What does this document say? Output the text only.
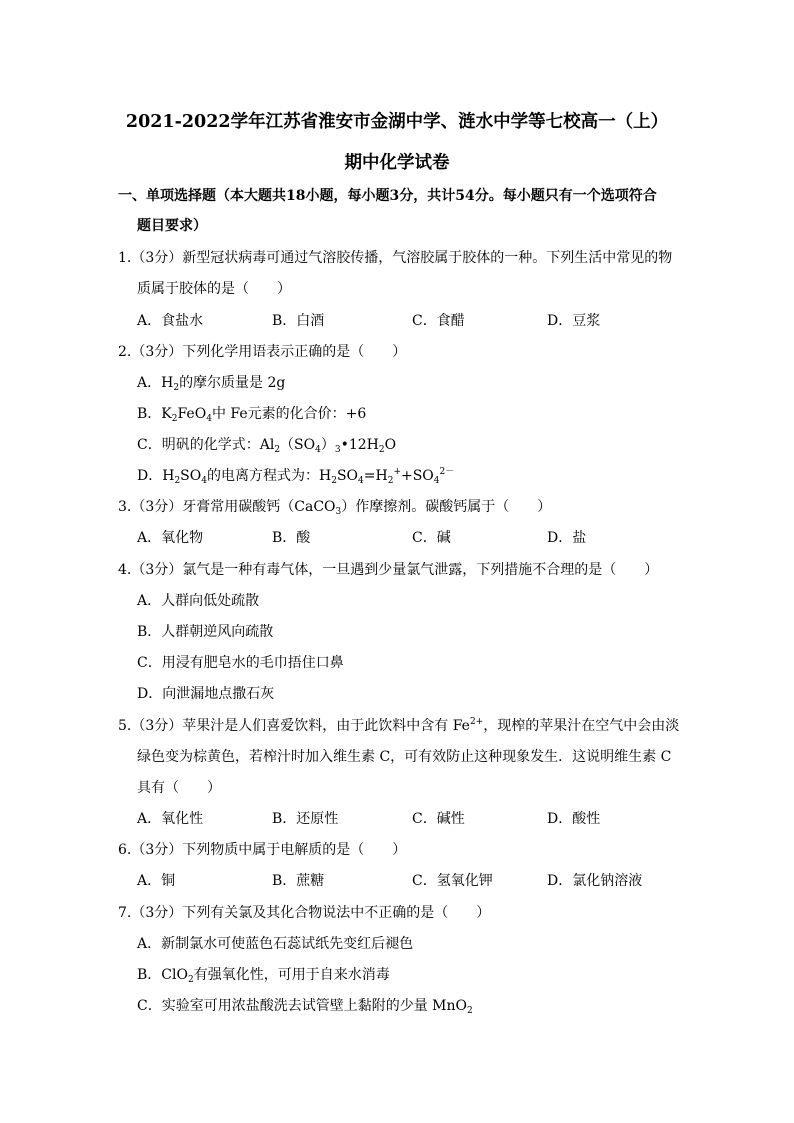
2021-2022学年江苏省淮安市金湖中学、涟水中学等七校高一（上）
期中化学试卷
一、单项选择题（本大题共18小题，每小题3分，共计54分。每小题只有一个选项符合
题目要求）
1.（3分）新型冠状病毒可通过气溶胶传播，气溶胶属于胶体的一种。下列生活中常见的物
质属于胶体的是（　　）
A．食盐水	B．白酒	C．食醋	D．豆浆
2.（3分）下列化学用语表示正确的是（　　）
A．$H_2$的摩尔质量是 2g
B．$K_2FeO_4$中 Fe元素的化合价：+6
C．明矾的化学式：$Al_2(SO_4)_3•12H_2O$
D．$H_2SO_4$的电离方程式为：$H_2SO_4=H_2^++SO_4^{2-}$
3.（3分）牙膏常用碳酸钙（CaCO$_3$）作摩擦剂。碳酸钙属于（　　）
A．氧化物	B．酸	C．碱	D．盐
4.（3分）氯气是一种有毒气体，一旦遇到少量氯气泄露，下列措施不合理的是（　　）
A．人群向低处疏散
B．人群朝逆风向疏散
C．用浸有肥皂水的毛巾捂住口鼻
D．向泄漏地点撒石灰
5.（3分）苹果汁是人们喜爱饮料，由于此饮料中含有 $Fe^{2+}$，现榨的苹果汁在空气中会由淡
绿色变为棕黄色，若榨汁时加入维生素 C，可有效防止这种现象发生．这说明维生素 C
具有（　　）
A．氧化性	B．还原性	C．碱性	D．酸性
6.（3分）下列物质中属于电解质的是（　　）
A．铜	B．蔗糖	C．氢氧化钾	D．氯化钠溶液
7.（3分）下列有关氯及其化合物说法中不正确的是（　　）
A．新制氯水可使蓝色石蕊试纸先变红后褪色
B．ClO$_2$有强氧化性，可用于自来水消毒
C．实验室可用浓盐酸洗去试管壁上黏附的少量 MnO$_2$
